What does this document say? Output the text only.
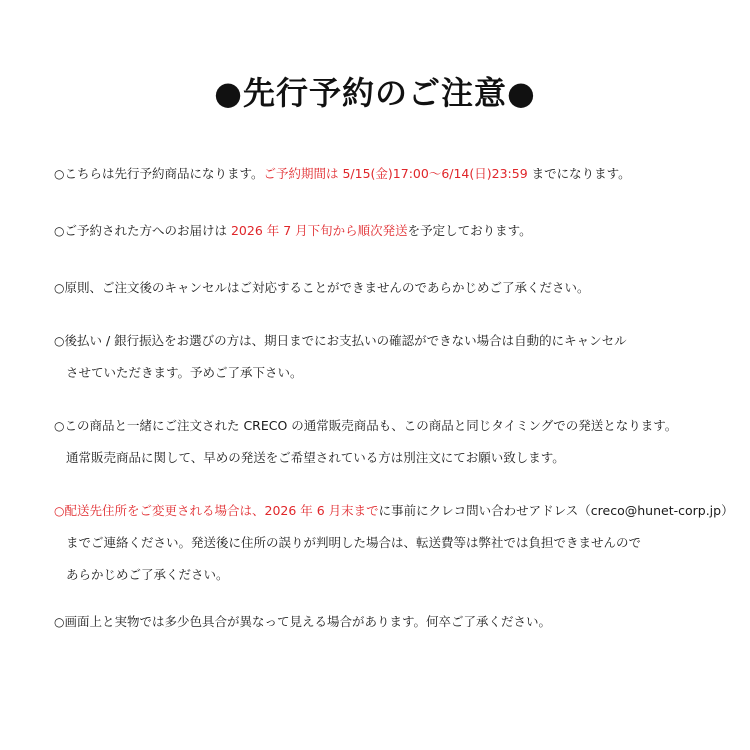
●先行予約のご注意●
○こちらは先行予約商品になります。ご予約期間は 5/15(金)17:00〜6/14(日)23:59 までになります。
○ご予約された方へのお届けは 2026 年 7 月下旬から順次発送を予定しております。
○原則、ご注文後のキャンセルはご対応することができませんのであらかじめご了承ください。
○後払い / 銀行振込をお選びの方は、期日までにお支払いの確認ができない場合は自動的にキャンセル
させていただきます。予めご了承下さい。
○この商品と一緒にご注文された CRECO の通常販売商品も、この商品と同じタイミングでの発送となります。
通常販売商品に関して、早めの発送をご希望されている方は別注文にてお願い致します。
○配送先住所をご変更される場合は、2026 年 6 月末までに事前にクレコ問い合わせアドレス（creco@hunet-corp.jp）
までご連絡ください。発送後に住所の誤りが判明した場合は、転送費等は弊社では負担できませんので
あらかじめご了承ください。
○画面上と実物では多少色具合が異なって見える場合があります。何卒ご了承ください。
